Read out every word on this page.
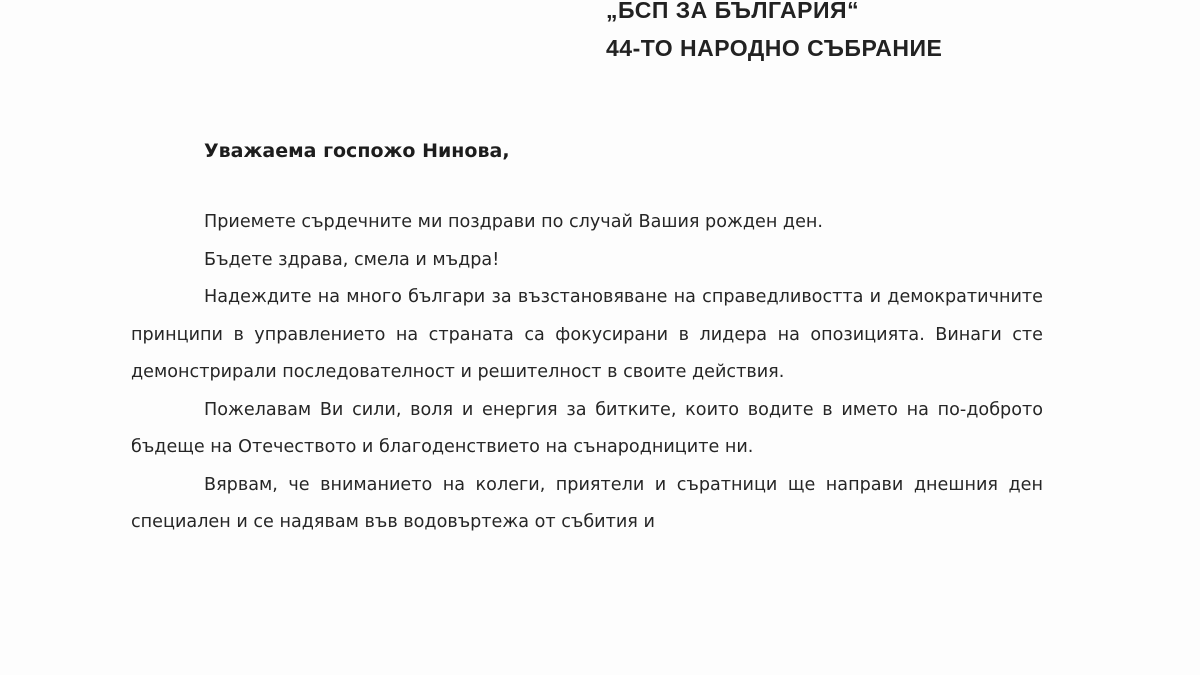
„БСП ЗА БЪЛГАРИЯ“
44-ТО НАРОДНО СЪБРАНИЕ
Уважаема госпожо Нинова,

Приемете сърдечните ми поздрави по случай Вашия рожден ден.

Бъдете здрава, смела и мъдра!

Надеждите на много българи за възстановяване на справедливостта и демократичните принципи в управлението на страната са фокусирани в лидера на опозицията. Винаги сте демонстрирали последователност и решителност в своите действия.

Пожелавам Ви сили, воля и енергия за битките, които водите в името на по-доброто бъдеще на Отечеството и благоденствието на сънародниците ни.

Вярвам, че вниманието на колеги, приятели и съратници ще направи днешния ден специален и се надявам във водовъртежа от събития и
